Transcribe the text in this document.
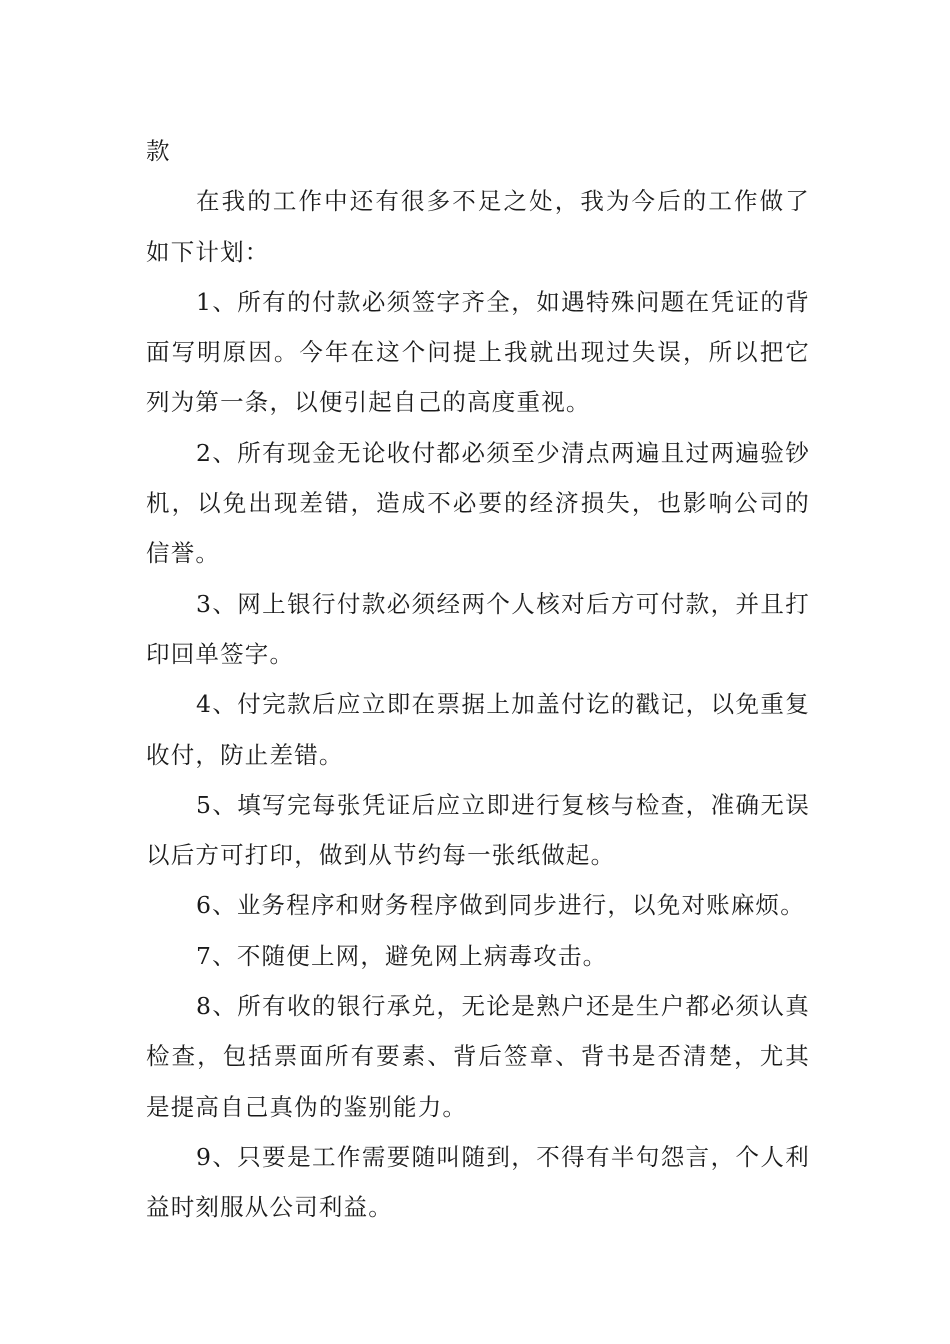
款

在我的工作中还有很多不足之处，我为今后的工作做了如下计划：

1、所有的付款必须签字齐全，如遇特殊问题在凭证的背面写明原因。今年在这个问提上我就出现过失误，所以把它列为第一条，以便引起自己的高度重视。

2、所有现金无论收付都必须至少清点两遍且过两遍验钞机，以免出现差错，造成不必要的经济损失，也影响公司的信誉。

3、网上银行付款必须经两个人核对后方可付款，并且打印回单签字。

4、付完款后应立即在票据上加盖付讫的戳记，以免重复收付，防止差错。

5、填写完每张凭证后应立即进行复核与检查，准确无误以后方可打印，做到从节约每一张纸做起。

6、业务程序和财务程序做到同步进行，以免对账麻烦。

7、不随便上网，避免网上病毒攻击。

8、所有收的银行承兑，无论是熟户还是生户都必须认真检查，包括票面所有要素、背后签章、背书是否清楚，尤其是提高自己真伪的鉴别能力。

9、只要是工作需要随叫随到，不得有半句怨言，个人利益时刻服从公司利益。
